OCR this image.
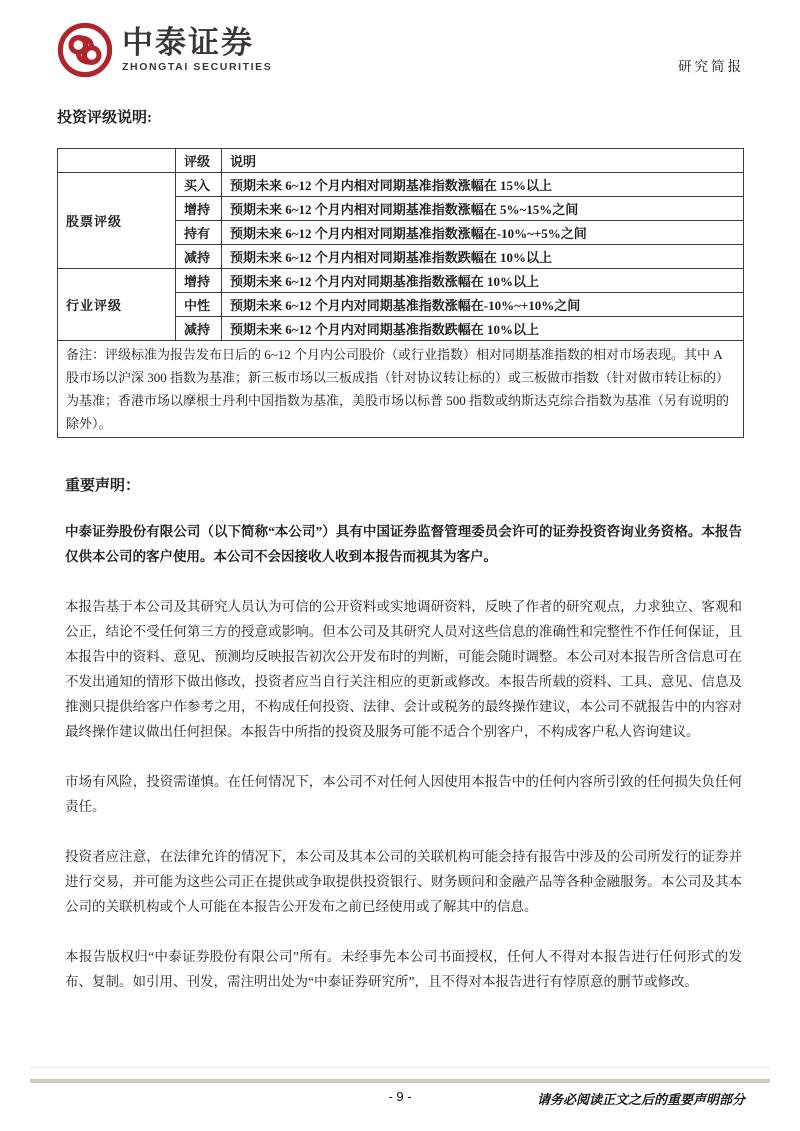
中泰证券
ZHONGTAI SECURITIES	研究简报
投资评级说明:
	评级	说明
股票评级	买入	预期未来 6~12 个月内相对同期基准指数涨幅在 15%以上
	增持	预期未来 6~12 个月内相对同期基准指数涨幅在 5%~15%之间
	持有	预期未来 6~12 个月内相对同期基准指数涨幅在-10%~+5%之间
	减持	预期未来 6~12 个月内相对同期基准指数跌幅在 10%以上
行业评级	增持	预期未来 6~12 个月内对同期基准指数涨幅在 10%以上
	中性	预期未来 6~12 个月内对同期基准指数涨幅在-10%~+10%之间
	减持	预期未来 6~12 个月内对同期基准指数跌幅在 10%以上
备注：评级标准为报告发布日后的 6~12 个月内公司股价（或行业指数）相对同期基准指数的相对市场表现。其中 A 股市场以沪深 300 指数为基准；新三板市场以三板成指（针对协议转让标的）或三板做市指数（针对做市转让标的）为基准；香港市场以摩根士丹利中国指数为基准，美股市场以标普 500 指数或纳斯达克综合指数为基准（另有说明的除外）。		
重要声明：
中泰证券股份有限公司（以下简称“本公司”）具有中国证券监督管理委员会许可的证券投资咨询业务资格。本报告仅供本公司的客户使用。本公司不会因接收人收到本报告而视其为客户。
本报告基于本公司及其研究人员认为可信的公开资料或实地调研资料，反映了作者的研究观点，力求独立、客观和公正，结论不受任何第三方的授意或影响。但本公司及其研究人员对这些信息的准确性和完整性不作任何保证，且本报告中的资料、意见、预测均反映报告初次公开发布时的判断，可能会随时调整。本公司对本报告所含信息可在不发出通知的情形下做出修改，投资者应当自行关注相应的更新或修改。本报告所载的资料、工具、意见、信息及推测只提供给客户作参考之用，不构成任何投资、法律、会计或税务的最终操作建议，本公司不就报告中的内容对最终操作建议做出任何担保。本报告中所指的投资及服务可能不适合个别客户，不构成客户私人咨询建议。
市场有风险，投资需谨慎。在任何情况下，本公司不对任何人因使用本报告中的任何内容所引致的任何损失负任何责任。
投资者应注意，在法律允许的情况下，本公司及其本公司的关联机构可能会持有报告中涉及的公司所发行的证券并进行交易，并可能为这些公司正在提供或争取提供投资银行、财务顾问和金融产品等各种金融服务。本公司及其本公司的关联机构或个人可能在本报告公开发布之前已经使用或了解其中的信息。
本报告版权归“中泰证券股份有限公司”所有。未经事先本公司书面授权，任何人不得对本报告进行任何形式的发布、复制。如引用、刊发，需注明出处为“中泰证券研究所”，且不得对本报告进行有悖原意的删节或修改。
- 9 -	请务必阅读正文之后的重要声明部分
